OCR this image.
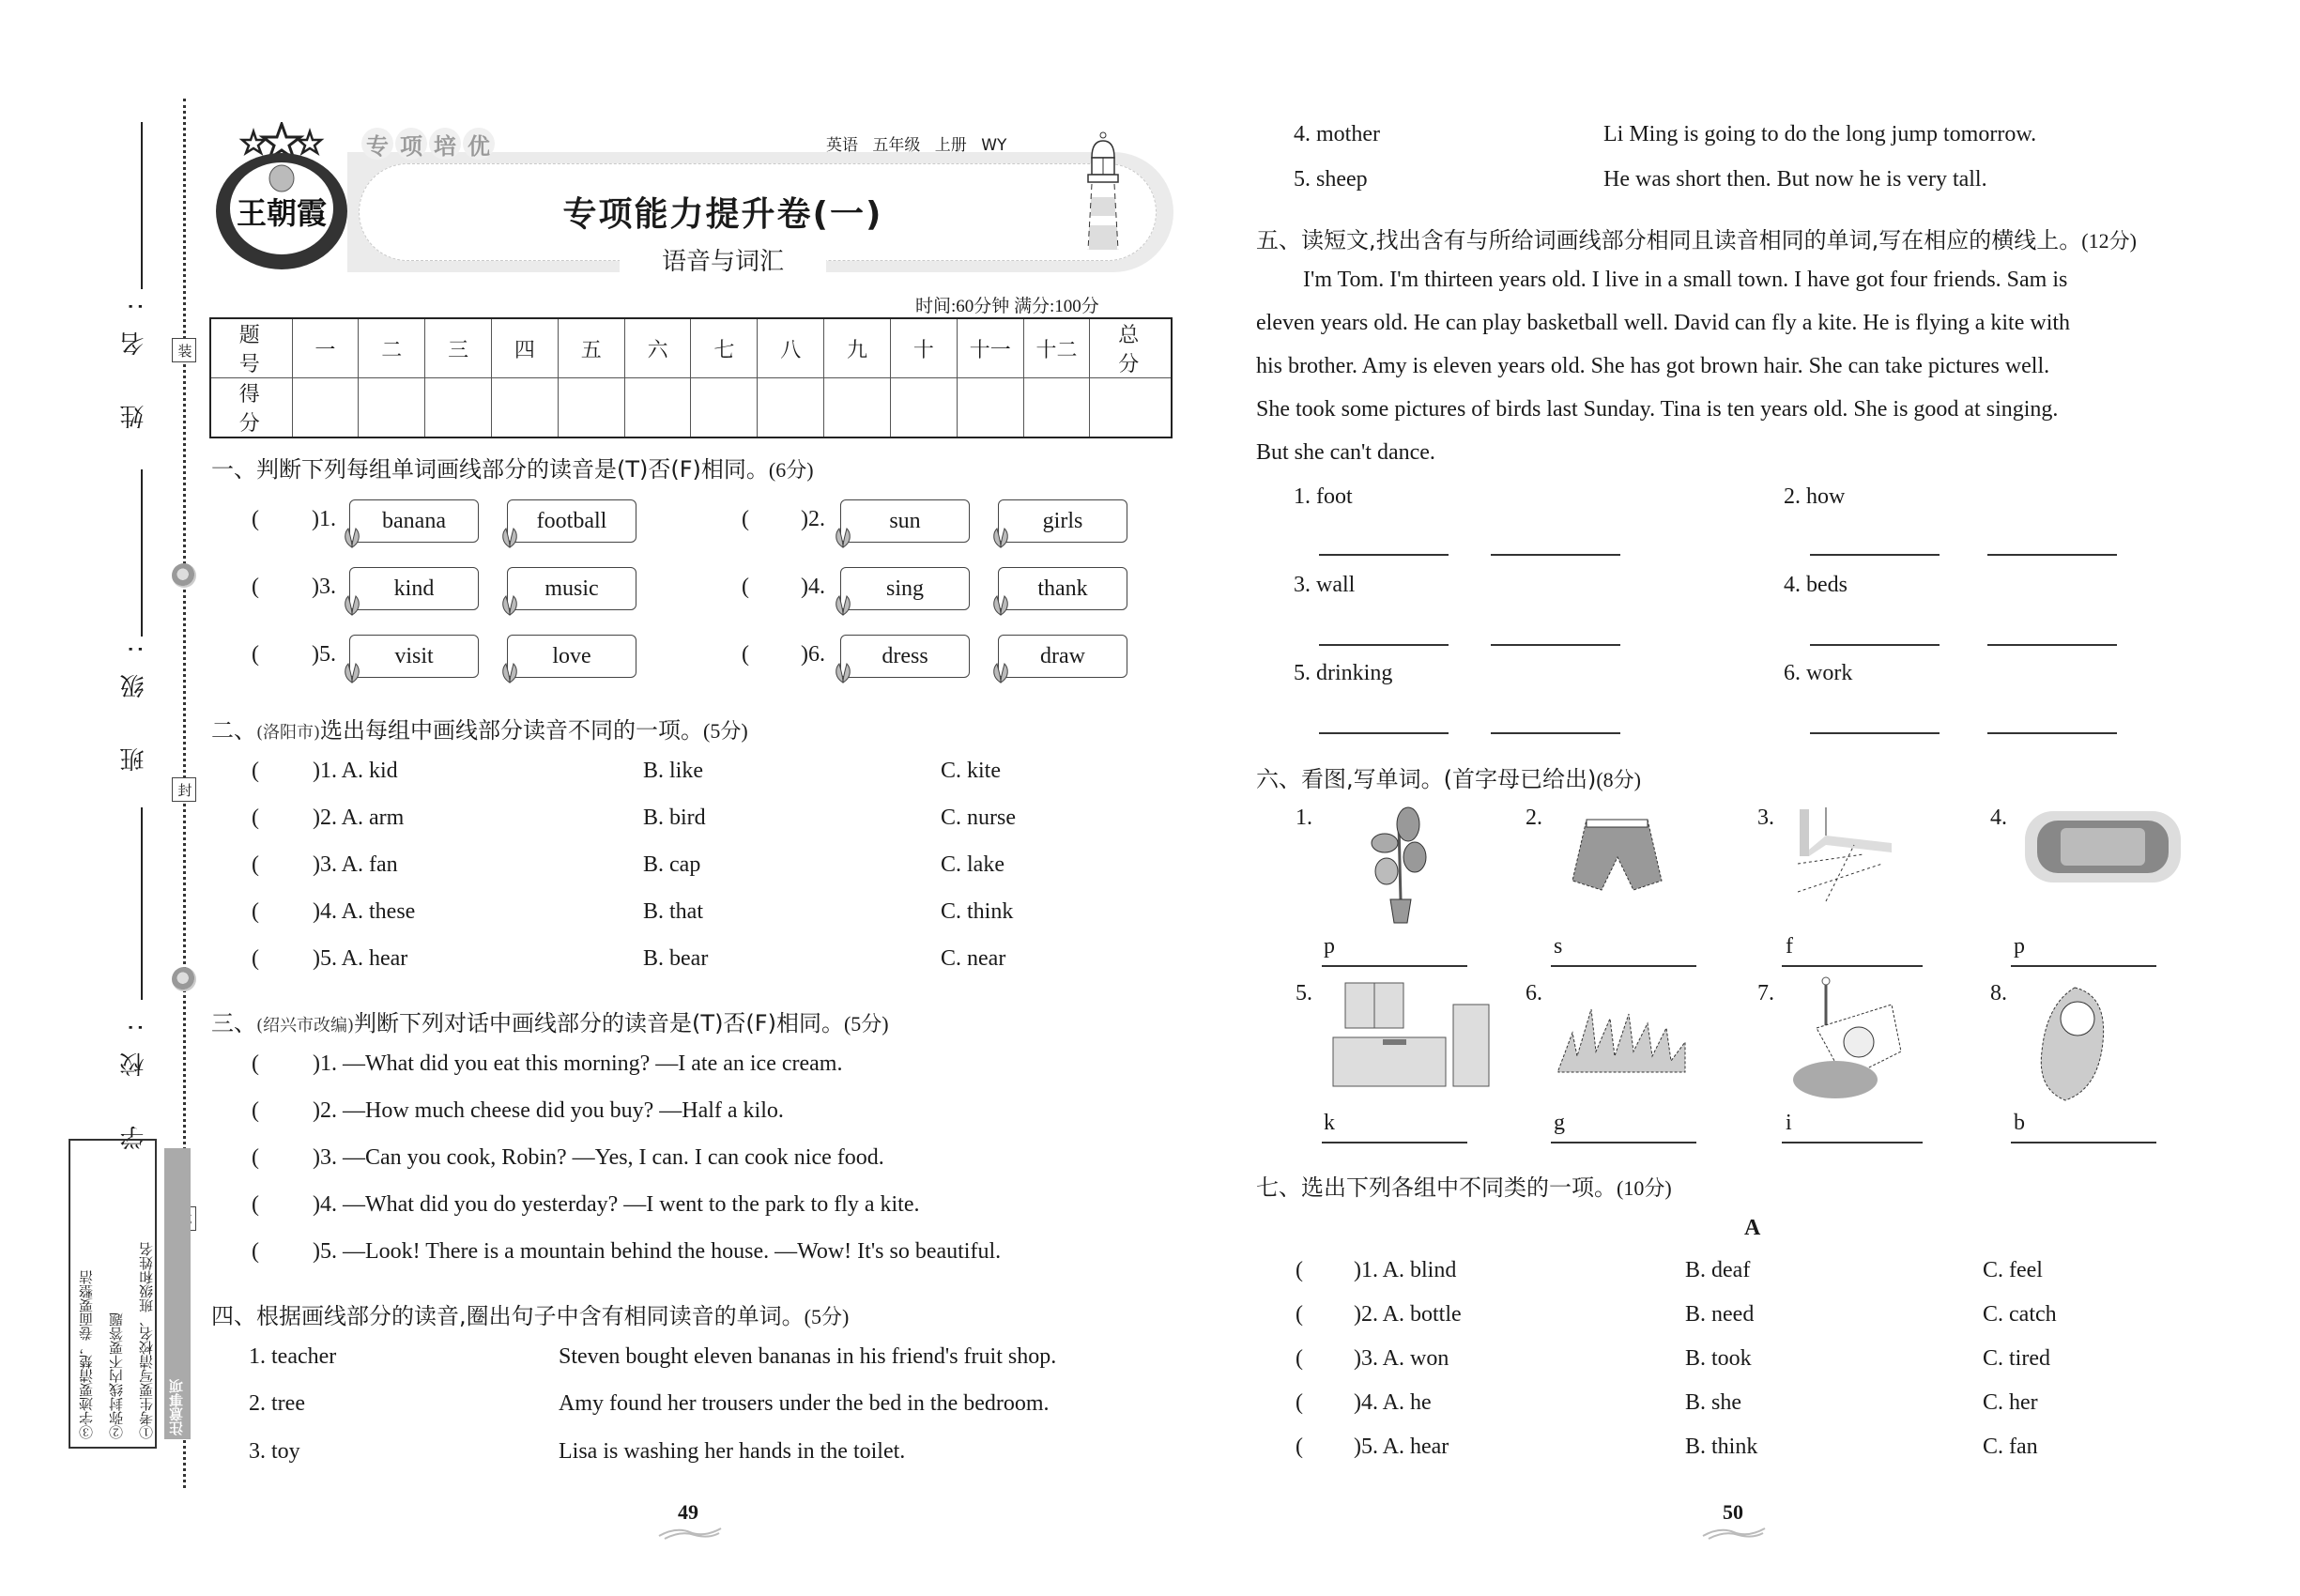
装
封
姓 名:
班 级:
学 校:
注意事项
①考生要写清校名、班级和姓名
②弥封线内不要答题
③字迹要清楚，卷面要整洁
王朝霞
专 项 培 优	英语 五年级 上册 WY
专项能力提升卷(一)
语音与词汇
时间:60分钟 满分:100分
题 号	一	二	三	四	五	六	七	八	九	十	十一	十二	总 分
得 分													
一、判断下列每组单词画线部分的读音是(T)否(F)相同。(6分)
( )1. banana	football	( )2.	sun	girls
( )3.	kind	music	( )4.	sing	thank
( )5.	visit	love	( )6.	dress	draw
二、(洛阳市)选出每组中画线部分读音不同的一项。(5分)
( )1. A. kid	B. like	C. kite
( )2. A. arm	B. bird	C. nurse
( )3. A. fan	B. cap	C. lake
( )4. A. these	B. that	C. think
( )5. A. hear	B. bear	C. near
三、(绍兴市改编)判断下列对话中画线部分的读音是(T)否(F)相同。(5分)
( )1. —What did you eat this morning? —I ate an ice cream.
( )2. —How much cheese did you buy? —Half a kilo.
( )3. —Can you cook, Robin? —Yes, I can. I can cook nice food.
( )4. —What did you do yesterday? —I went to the park to fly a kite.
( )5. —Look! There is a mountain behind the house. —Wow! It's so beautiful.
四、根据画线部分的读音,圈出句子中含有相同读音的单词。(5分)
1. teacher	Steven bought eleven bananas in his friend's fruit shop.
2. tree	Amy found her trousers under the bed in the bedroom.
3. toy	Lisa is washing her hands in the toilet.
4. mother	Li Ming is going to do the long jump tomorrow.
5. sheep	He was short then. But now he is very tall.
49
五、读短文,找出含有与所给词画线部分相同且读音相同的单词,写在相应的横线上。(12分)
I'm Tom. I'm thirteen years old. I live in a small town. I have got four friends. Sam is
eleven years old. He can play basketball well. David can fly a kite. He is flying a kite with
his brother. Amy is eleven years old. She has got brown hair. She can take pictures well.
She took some pictures of birds last Sunday. Tina is ten years old. She is good at singing.
But she can't dance.
1. foot	2. how
3. wall	4. beds
5. drinking	6. work
六、看图,写单词。(首字母已给出)(8分)
1.
p
2.
s
3.
f
4.
p
5.
k
6.
g
7.
i
8.
b
七、选出下列各组中不同类的一项。(10分)
A
( )1. A. blind	B. deaf	C. feel
( )2. A. bottle	B. need	C. catch
( )3. A. won	B. took	C. tired
( )4. A. he	B. she	C. her
( )5. A. hear	B. think	C. fan
50
